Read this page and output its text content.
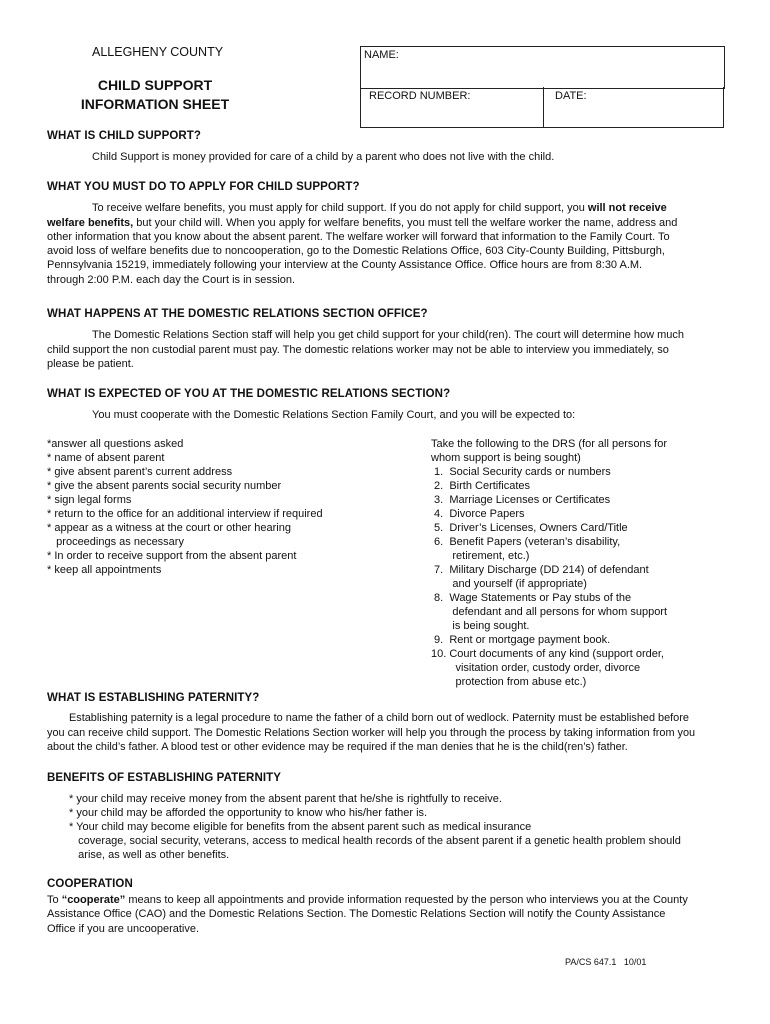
ALLEGHENY COUNTY
CHILD SUPPORT
INFORMATION SHEET
NAME:
RECORD NUMBER:	DATE:
WHAT IS CHILD SUPPORT?
Child Support is money provided for care of a child by a parent who does not live with the child.
WHAT YOU MUST DO TO APPLY FOR CHILD SUPPORT?
To receive welfare benefits, you must apply for child support. If you do not apply for child support, you will not receive
welfare benefits, but your child will. When you apply for welfare benefits, you must tell the welfare worker the name, address and
other information that you know about the absent parent. The welfare worker will forward that information to the Family Court. To
avoid loss of welfare benefits due to noncooperation, go to the Domestic Relations Office, 603 City-County Building, Pittsburgh,
Pennsylvania 15219, immediately following your interview at the County Assistance Office. Office hours are from 8:30 A.M.
through 2:00 P.M. each day the Court is in session.
WHAT HAPPENS AT THE DOMESTIC RELATIONS SECTION OFFICE?
The Domestic Relations Section staff will help you get child support for your child(ren). The court will determine how much
child support the non custodial parent must pay. The domestic relations worker may not be able to interview you immediately, so
please be patient.
WHAT IS EXPECTED OF YOU AT THE DOMESTIC RELATIONS SECTION?
You must cooperate with the Domestic Relations Section Family Court, and you will be expected to:
*answer all questions asked
* name of absent parent
* give absent parent’s current address
* give the absent parents social security number
* sign legal forms
* return to the office for an additional interview if required
* appear as a witness at the court or other hearing
proceedings as necessary
* In order to receive support from the absent parent
* keep all appointments
Take the following to the DRS (for all persons for
whom support is being sought)
1.  Social Security cards or numbers
2.  Birth Certificates
3.  Marriage Licenses or Certificates
4.  Divorce Papers
5.  Driver’s Licenses, Owners Card/Title
6.  Benefit Papers (veteran’s disability,
retirement, etc.)
7.  Military Discharge (DD 214) of defendant
and yourself (if appropriate)
8.  Wage Statements or Pay stubs of the
defendant and all persons for whom support
is being sought.
9.  Rent or mortgage payment book.
10. Court documents of any kind (support order,
visitation order, custody order, divorce
protection from abuse etc.)
WHAT IS ESTABLISHING PATERNITY?
Establishing paternity is a legal procedure to name the father of a child born out of wedlock. Paternity must be established before
you can receive child support. The Domestic Relations Section worker will help you through the process by taking information from you
about the child’s father. A blood test or other evidence may be required if the man denies that he is the child(ren’s) father.
BENEFITS OF ESTABLISHING PATERNITY
* your child may receive money from the absent parent that he/she is rightfully to receive.
* your child may be afforded the opportunity to know who his/her father is.
* Your child may become eligible for benefits from the absent parent such as medical insurance
coverage, social security, veterans, access to medical health records of the absent parent if a genetic health problem should
arise, as well as other benefits.
COOPERATION
To “cooperate” means to keep all appointments and provide information requested by the person who interviews you at the County
Assistance Office (CAO) and the Domestic Relations Section. The Domestic Relations Section will notify the County Assistance
Office if you are uncooperative.
PA/CS 647.1   10/01
